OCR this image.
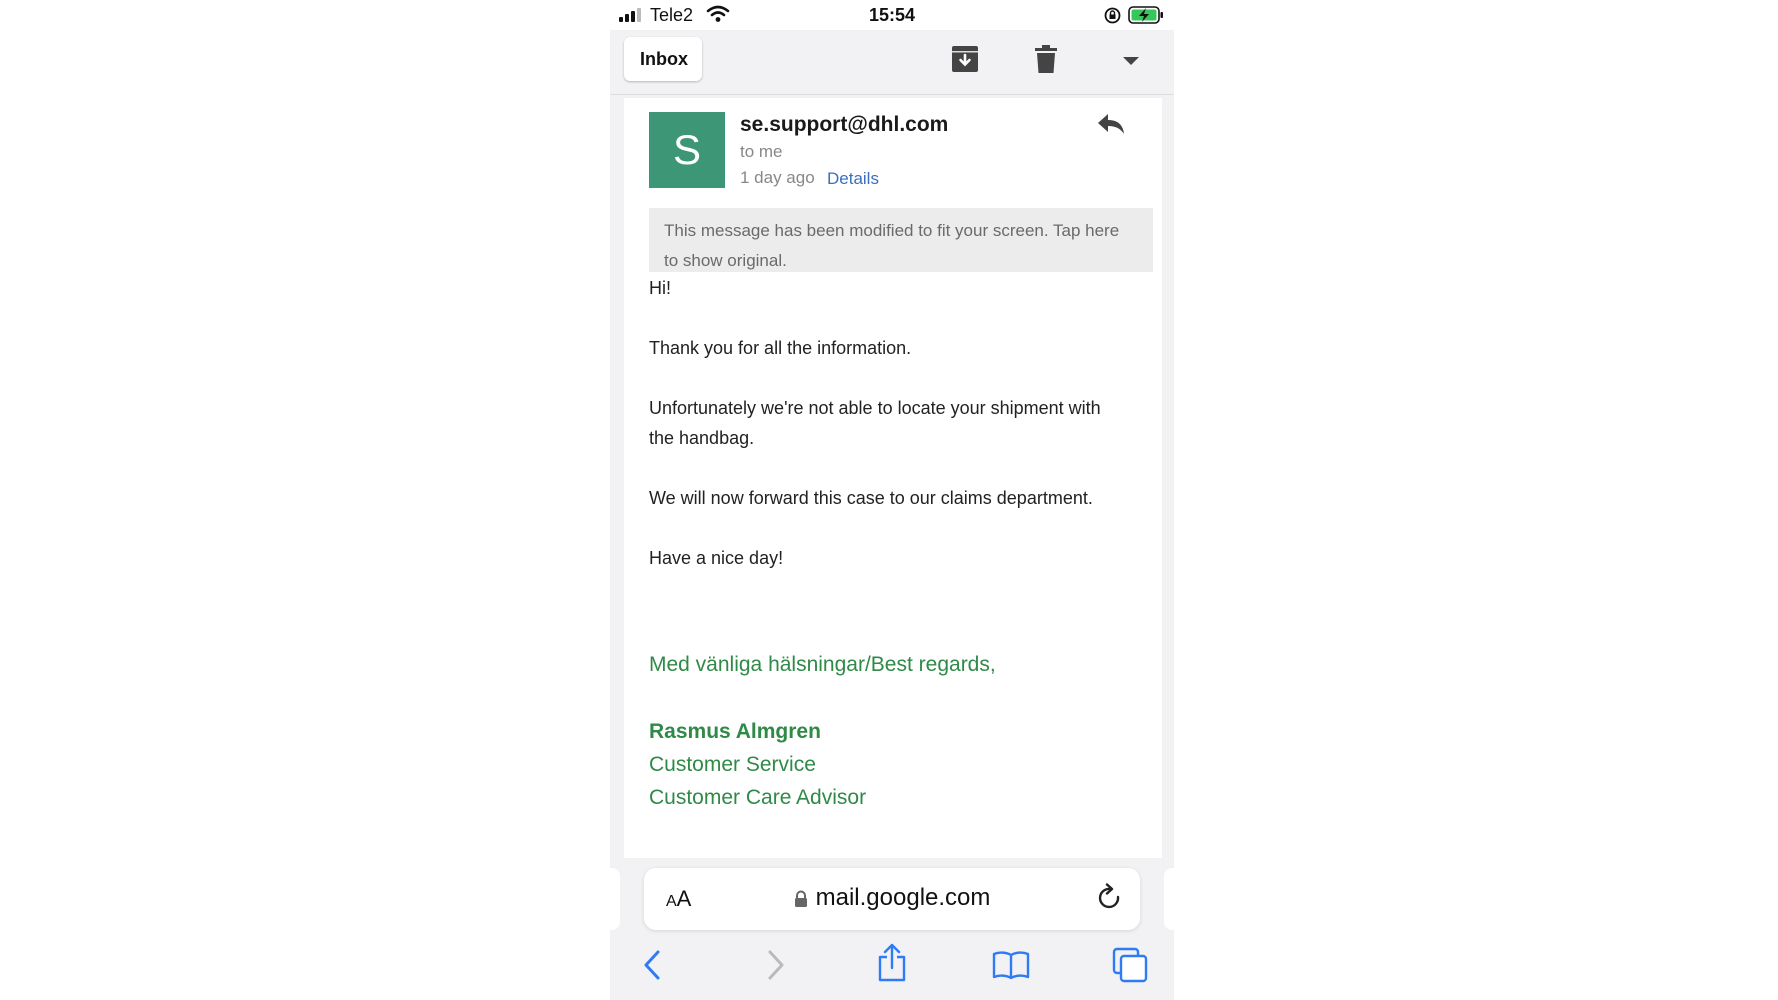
Tele2	15:54
Inbox
S
se.support@dhl.com
to me
1 day ago Details
This message has been modified to fit your screen. Tap here to show original.
Hi!
Thank you for all the information.
Unfortunately we're not able to locate your shipment with the handbag.
We will now forward this case to our claims department.
Have a nice day!
Med vänliga hälsningar/Best regards,
Rasmus Almgren
Customer Service
Customer Care Advisor
AA	mail.google.com
